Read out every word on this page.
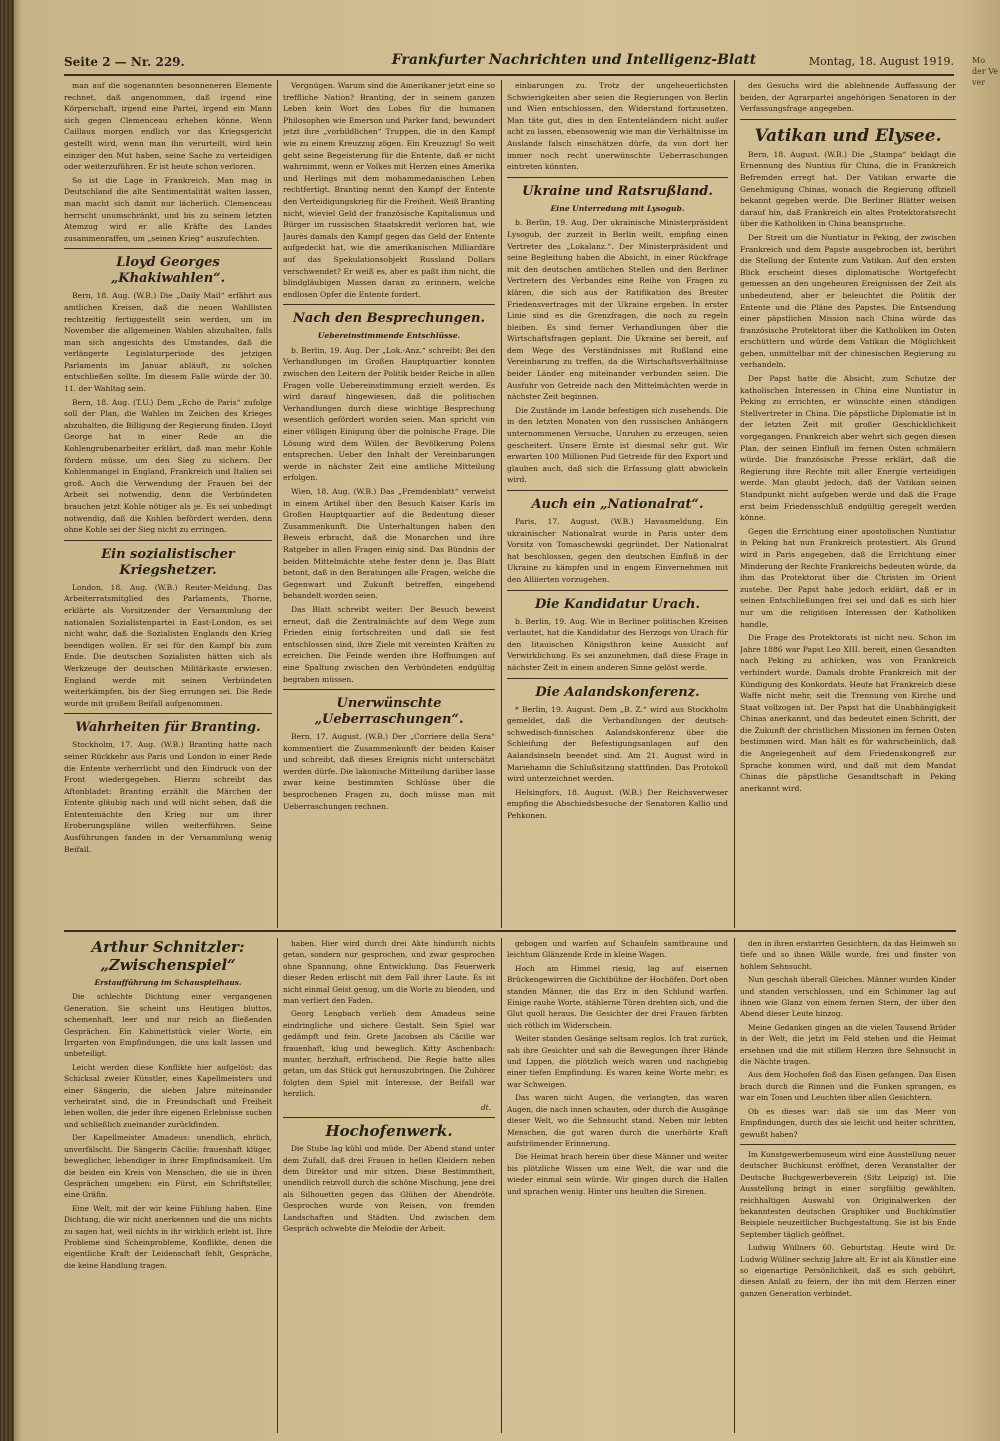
Seite 2 — Nr. 229.	Frankfurter Nachrichten und Intelligenz-Blatt	Montag, 18. August 1919. Mo der Ve ver

man auf die sogenannten besonneneren Elemente rechnet, daß angenommen, daß irgend eine Körperschaft, irgend eine Partei, irgend ein Mann sich gegen Clemenceau erheben könne. Wenn Caillaux morgen endlich vor das Kriegsgericht gestellt wird, wenn man ihn verurteilt, wird kein einziger den Mut haben, seine Sache zu verteidigen oder weiterzuführen. Er ist heute schon verloren.

So ist die Lage in Frankreich. Man mag in Deutschland die alte Sentimentalität walten lassen, man macht sich damit nur lächerlich. Clemenceau herrscht unumschränkt, und bis zu seinem letzten Atemzug wird er alle Kräfte des Landes zusammenraffen, um „seinen Krieg“ auszufechten.

Lloyd Georges „Khakiwahlen“.

Bern, 18. Aug. (W.B.) Die „Daily Mail“ erfährt aus amtlichen Kreisen, daß die neuen Wahllisten rechtzeitig fertiggestellt sein werden, um im November die allgemeinen Wahlen abzuhalten, falls man sich angesichts des Umstandes, daß die verlängerte Legislaturperiode des jetzigen Parlaments im Januar abläuft, zu solchen entschließen sollte. Im diesem Falle würde der 30. 11. der Wahltag sein.

Bern, 18. Aug. (T.U.) Dem „Echo de Paris“ zufolge soll der Plan, die Wahlen im Zeichen des Krieges abzuhalten, die Billigung der Regierung finden. Lloyd George hat in einer Rede an die Kohlengrubenarbeiter erklärt, daß man mehr Kohle fördern müsse, um den Sieg zu sichern. Der Kohlenmangel in England, Frankreich und Italien sei groß. Auch die Verwendung der Frauen bei der Arbeit sei notwendig, denn die Verbündeten brauchen jetzt Kohle nötiger als je. Es sei unbedingt notwendig, daß die Kohlen befördert werden, denn ohne Kohle sei der Sieg nicht zu erringen.

Ein sozialistischer Kriegshetzer.

London, 18. Aug. (W.B.) Reuter-Meldung. Das Arbeiterratsmitglied des Parlaments, Thorne, erklärte als Vorsitzender der Versammlung der nationalen Sozialistenpartei in East-London, es sei nicht wahr, daß die Sozialisten Englands den Krieg beendigen wollen. Er sei für den Kampf bis zum Ende. Die deutschen Sozialisten hätten sich als Werkzeuge der deutschen Militärkaste erwiesen. England werde mit seinen Verbündeten weiterkämpfen, bis der Sieg errungen sei. Die Rede wurde mit großem Beifall aufgenommen.

Wahrheiten für Branting.

Stockholm, 17. Aug. (W.B.) Branting hatte nach seiner Rückkehr aus Paris und London in einer Rede die Entente verherrlicht und den Eindruck von der Front wiedergegeben. Hierzu schreibt das Aftonbladet: Branting erzählt die Märchen der Entente gläubig nach und will nicht sehen, daß die Ententemächte den Krieg nur um ihrer Eroberungspläne willen weiterführen. Seine Ausführungen fanden in der Versammlung wenig Beifall.

Vergnügen. Warum sind die Amerikaner jetzt eine so treffliche Nation? Branting, der in seinem ganzen Leben kein Wort des Lobes für die humanen Philosophen wie Emerson und Parker fand, bewundert jetzt ihre „vorbildlichen“ Truppen, die in den Kampf wie zu einem Kreuzzug zögen. Ein Kreuzzug! So weit geht seine Begeisterung für die Entente, daß er nicht wahrnimmt, wenn er Volkes mit Herzen eines Amerika und Herlings mit dem mohammedanischen Leben rechtfertigt. Branting nennt den Kampf der Entente den Verteidigungskrieg für die Freiheit. Weiß Branting nicht, wieviel Geld der französische Kapitalismus und Bürger im russischen Staatskredit verloren hat, wie Jaurès damals den Kampf gegen das Geld der Entente aufgedeckt hat, wie die amerikanischen Milliardäre auf das Spekulationsobjekt Russland Dollars verschwendet? Er weiß es, aber es paßt ihm nicht, die blindgläubigen Massen daran zu erinnern, welche endlosen Opfer die Entente fordert.

Nach den Besprechungen.
Uebereinstimmende Entschlüsse.

b. Berlin, 19. Aug. Der „Lok.-Anz.“ schreibt: Bei den Verhandlungen im Großen Hauptquartier konnten zwischen den Leitern der Politik beider Reiche in allen Fragen volle Uebereinstimmung erzielt werden. Es wird darauf hingewiesen, daß die politischen Verhandlungen durch diese wichtige Besprechung wesentlich gefördert worden seien. Man spricht von einer völligen Einigung über die polnische Frage. Die Lösung wird dem Willen der Bevölkerung Polens entsprechen. Ueber den Inhalt der Vereinbarungen werde in nächster Zeit eine amtliche Mitteilung erfolgen.

Wien, 18. Aug. (W.B.) Das „Fremdenblatt“ verweist in einem Artikel über den Besuch Kaiser Karls im Großen Hauptquartier auf die Bedeutung dieser Zusammenkunft. Die Unterhaltungen haben den Beweis erbracht, daß die Monarchen und ihre Ratgeber in allen Fragen einig sind. Das Bündnis der beiden Mittelmächte stehe fester denn je. Das Blatt betont, daß in den Beratungen alle Fragen, welche die Gegenwart und Zukunft betreffen, eingehend behandelt worden seien.

Das Blatt schreibt weiter: Der Besuch beweist erneut, daß die Zentralmächte auf dem Wege zum Frieden einig fortschreiten und daß sie fest entschlossen sind, ihre Ziele mit vereinten Kräften zu erreichen. Die Feinde werden ihre Hoffnungen auf eine Spaltung zwischen den Verbündeten endgültig begraben müssen.

Unerwünschte „Ueberraschungen“.

Bern, 17. August. (W.B.) Der „Corriere della Sera“ kommentiert die Zusammenkunft der beiden Kaiser und schreibt, daß dieses Ereignis nicht unterschätzt werden dürfe. Die lakonische Mitteilung darüber lasse zwar keine bestimmten Schlüsse über die besprochenen Fragen zu, doch müsse man mit Ueberraschungen rechnen.

einbarungen zu. Trotz der ungeheuerlichsten Schwierigkeiten aber seien die Regierungen von Berlin und Wien entschlossen, den Widerstand fortzusetzen. Man täte gut, dies in den Ententeländern nicht außer acht zu lassen, ebensowenig wie man die Verhältnisse im Auslande falsch einschätzen dürfe, da von dort her immer noch recht unerwünschte Ueberraschungen eintreten könnten.

Ukraine und Ratsrußland.
Eine Unterredung mit Lysogub.

b. Berlin, 19. Aug. Der ukrainische Ministerpräsident Lysogub, der zurzeit in Berlin weilt, empfing einen Vertreter des „Lokalanz.“. Der Ministerpräsident und seine Begleitung haben die Absicht, in einer Rückfrage mit den deutschen amtlichen Stellen und den Berliner Vertretern des Verbandes eine Reihe von Fragen zu klären, die sich aus der Ratifikation des Brester Friedensvertrages mit der Ukraine ergeben. In erster Linie sind es die Grenzfragen, die noch zu regeln bleiben. Es sind ferner Verhandlungen über die Wirtschaftsfragen geplant. Die Ukraine sei bereit, auf dem Wege des Verständnisses mit Rußland eine Vereinbarung zu treffen, da die Wirtschaftsverhältnisse beider Länder eng miteinander verbunden seien. Die Ausfuhr von Getreide nach den Mittelmächten werde in nächster Zeit beginnen.

Die Zustände im Lande befestigen sich zusehends. Die in den letzten Monaten von den russischen Anhängern unternommenen Versuche, Unruhen zu erzeugen, seien gescheitert. Unsere Ernte ist diesmal sehr gut. Wir erwarten 100 Millionen Pud Getreide für den Export und glauben auch, daß sich die Erfassung glatt abwickeln wird.

Auch ein „Nationalrat“.

Paris, 17. August. (W.B.) Havasmeldung. Ein ukrainischer Nationalrat wurde in Paris unter dem Vorsitz von Tomaschewski gegründet. Der Nationalrat hat beschlossen, gegen den deutschen Einfluß in der Ukraine zu kämpfen und in engem Einvernehmen mit den Alliierten vorzugehen.

Die Kandidatur Urach.

b. Berlin, 19. Aug. Wie in Berliner politischen Kreisen verlautet, hat die Kandidatur des Herzogs von Urach für den litauischen Königsthron keine Aussicht auf Verwirklichung. Es sei anzunehmen, daß diese Frage in nächster Zeit in einem anderen Sinne gelöst werde.

Die Aalandskonferenz.

* Berlin, 19. August. Dem „B. Z.“ wird aus Stockholm gemeldet, daß die Verhandlungen der deutsch-schwedisch-finnischen Aalandskonferenz über die Schleifung der Befestigungsanlagen auf den Aalandsinseln beendet sind. Am 21. August wird in Mariehamn die Schlußsitzung stattfinden. Das Protokoll wird unterzeichnet werden.

Helsingfors, 18. August. (W.B.) Der Reichsverweser empfing die Abschiedsbesuche der Senatoren Kallio und Pehkonen.

des Gesuchs wird die ablehnende Auffassung der beiden, der Agrarpartei angehörigen Senatoren in der Verfassungsfrage angegeben.

Vatikan und Elysee.

Bern, 18. August. (W.B.) Die „Stampa“ beklagt die Ernennung des Nuntius für China, die in Frankreich Befremden erregt hat. Der Vatikan erwarte die Genehmigung Chinas, wonach die Regierung offiziell bekannt gegeben werde. Die Berliner Blätter weisen darauf hin, daß Frankreich ein altes Protektoratsrecht über die Katholiken in China beanspruche.

Der Streit um die Nuntiatur in Peking, der zwischen Frankreich und dem Papste ausgebrochen ist, berührt die Stellung der Entente zum Vatikan. Auf den ersten Blick erscheint dieses diplomatische Wortgefecht gemessen an den ungeheuren Ereignissen der Zeit als unbedeutend, aber er beleuchtet die Politik der Entente und die Pläne des Papstes. Die Entsendung einer päpstlichen Mission nach China würde das französische Protektorat über die Katholiken im Osten erschüttern und würde dem Vatikan die Möglichkeit geben, unmittelbar mit der chinesischen Regierung zu verhandeln.

Der Papst hatte die Absicht, zum Schutze der katholischen Interessen in China eine Nuntiatur in Peking zu errichten, er wünschte einen ständigen Stellvertreter in China. Die päpstliche Diplomatie ist in der letzten Zeit mit großer Geschicklichkeit vorgegangen. Frankreich aber wehrt sich gegen diesen Plan, der seinen Einfluß im fernen Osten schmälern würde. Die französische Presse erklärt, daß die Regierung ihre Rechte mit aller Energie verteidigen werde. Man glaubt jedoch, daß der Vatikan seinen Standpunkt nicht aufgeben werde und daß die Frage erst beim Friedensschluß endgültig geregelt werden könne.

Gegen die Errichtung einer apostolischen Nuntiatur in Peking hat nun Frankreich protestiert. Als Grund wird in Paris angegeben, daß die Errichtung einer Minderung der Rechte Frankreichs bedeuten würde, da ihm das Protektorat über die Christen im Orient zustehe. Der Papst habe jedoch erklärt, daß er in seinen Entschließungen frei sei und daß es sich hier nur um die religiösen Interessen der Katholiken handle.

Die Frage des Protektorats ist nicht neu. Schon im Jahre 1886 war Papst Leo XIII. bereit, einen Gesandten nach Peking zu schicken, was von Frankreich verhindert wurde. Damals drohte Frankreich mit der Kündigung des Konkordats. Heute hat Frankreich diese Waffe nicht mehr, seit die Trennung von Kirche und Staat vollzogen ist. Der Papst hat die Unabhängigkeit Chinas anerkannt, und das bedeutet einen Schritt, der die Zukunft der christlichen Missionen im fernen Osten bestimmen wird. Man hält es für wahrscheinlich, daß die Angelegenheit auf dem Friedenskongreß zur Sprache kommen wird, und daß mit dem Mandat Chinas die päpstliche Gesandtschaft in Peking anerkannt wird.

Arthur Schnitzler: „Zwischenspiel“
Erstaufführung im Schauspielhaus.

Die schlechte Dichtung einer vergangenen Generation. Sie scheint uns Heutigen bluttos, schemenhaft, leer und nur reich an fließenden Gesprächen. Ein Kabinettstück vieler Worte, ein Irrgarten von Empfindungen, die uns kalt lassen und unbeteiligt.

Leicht werden diese Konflikte hier aufgelöst: das Schicksal zweier Künstler, eines Kapellmeisters und einer Sängerin, die sieben Jahre miteinander verheiratet sind, die in Freundschaft und Freiheit leben wollen, die jeder ihre eigenen Erlebnisse suchen und schließlich zueinander zurückfinden.

Der Kapellmeister Amadeus: unendlich, ehrlich, unverfälscht. Die Sängerin Cäcilie: frauenhaft klüger, beweglicher, lebendiger in ihrer Empfindsamkeit. Um die beiden ein Kreis von Menschen, die sie in ihren Gesprächen umgeben: ein Fürst, ein Schriftsteller, eine Gräfin.

Eine Welt, mit der wir keine Fühlung haben. Eine Dichtung, die wir nicht anerkennen und die uns nichts zu sagen hat, weil nichts in ihr wirklich erlebt ist. Ihre Probleme sind Scheinprobleme, Konflikte, denen die eigentliche Kraft der Leidenschaft fehlt, Gespräche, die keine Handlung tragen.

haben. Hier wird durch drei Akte hindurch nichts getan, sondern nur gesprochen, und zwar gesprochen ohne Spannung, ohne Entwicklung. Das Feuerwerk dieser Reden erlischt mit dem Fall ihrer Laute. Es ist nicht einmal Geist genug, um die Worte zu blenden, und man verliert den Faden.

Georg Lengbach verlieh dem Amadeus seine eindringliche und sichere Gestalt. Sein Spiel war gedämpft und fein. Grete Jacobsen als Cäcilie war frauenhaft, klug und beweglich. Kitty Aschenbach: munter, herzhaft, erfrischend. Die Regie hatte alles getan, um das Stück gut herauszubringen. Die Zuhörer folgten dem Spiel mit Interesse, der Beifall war herzlich.

dt.
Hochofenwerk.

Die Stube lag kühl und müde. Der Abend stand unter dem Zufall, daß drei Frauen in hellen Kleidern neben dem Direktor und mir sitzen. Diese Bestimmtheit, unendlich reizvoll durch die schöne Mischung, jene drei als Silhouetten gegen das Glühen der Abendröte. Gesprochen wurde von Reisen, von fremden Landschaften und Städten. Und zwischen dem Gespräch schwebte die Melodie der Arbeit.

gebogen und warfen auf Schaufeln samtbraune und leichtum Glänzende Erde in kleine Wagen.

Hoch am Himmel riesig, lag auf eisernen Brückengewirren die Gichtbühne der Hochöfen. Dort oben standen Männer, die das Erz in den Schlund warfen. Einige rauhe Worte, stählerne Türen drehten sich, und die Glut quoll heraus. Die Gesichter der drei Frauen färbten sich rötlich im Widerschein.

Weiter standen Gesänge seltsam reglos. Ich trat zurück, sah ihre Gesichter und sah die Bewegungen ihrer Hände und Lippen, die plötzlich weich waren und nachgiebig einer tiefen Empfindung. Es waren keine Worte mehr; es war Schweigen.

Das waren nicht Augen, die verlangten, das waren Augen, die nach innen schauten, oder durch die Ausgänge dieser Welt, wo die Sehnsucht stand. Neben mir lebten Menschen, die gut waren durch die unerhörte Kraft aufströmender Erinnerung.

Die Heimat brach herein über diese Männer und weiter bis plötzliche Wissen um eine Welt, die war und die wieder einmal sein würde. Wir gingen durch die Hallen und sprachen wenig. Hinter uns heulten die Sirenen.

den in ihren erstarrten Gesichtern, da das Heimweh so tiefe und so ihnen Wälle wurde, frei und finster von hohlem Sehnsucht.

Nun geschah überall Gleiches. Männer wurden Kinder und standen verschlossen, und ein Schimmer lag auf ihnen wie Glanz von einem fernen Stern, der über den Abend dieser Leute hinzog.

Meine Gedanken gingen an die vielen Tausend Brüder in der Welt, die jetzt im Feld stehen und die Heimat ersehnen und die mit stillem Herzen ihre Sehnsucht in die Nächte tragen.

Aus dem Hochofen floß das Eisen gefangen. Das Eisen brach durch die Rinnen und die Funken sprangen, es war ein Tosen und Leuchten über allen Gesichtern.

Ob es dieses war: daß sie um das Meer von Empfindungen, durch das sie leicht und heiter schritten, gewußt haben?

Im Kunstgewerbemuseum wird eine Ausstellung neuer deutscher Buchkunst eröffnet, deren Veranstalter der Deutsche Buchgewerbeverein (Sitz Leipzig) ist. Die Ausstellung bringt in einer sorgfältig gewählten, reichhaltigen Auswahl von Originalwerken der bekanntesten deutschen Graphiker und Buchkünstler Beispiele neuzeitlicher Buchgestaltung. Sie ist bis Ende September täglich geöffnet.

Ludwig Wüllners 60. Geburtstag. Heute wird Dr. Ludwig Wüllner sechzig Jahre alt. Er ist als Künstler eine so eigenartige Persönlichkeit, daß es sich gebührt, diesen Anlaß zu feiern, der ihn mit dem Herzen einer ganzen Generation verbindet.
